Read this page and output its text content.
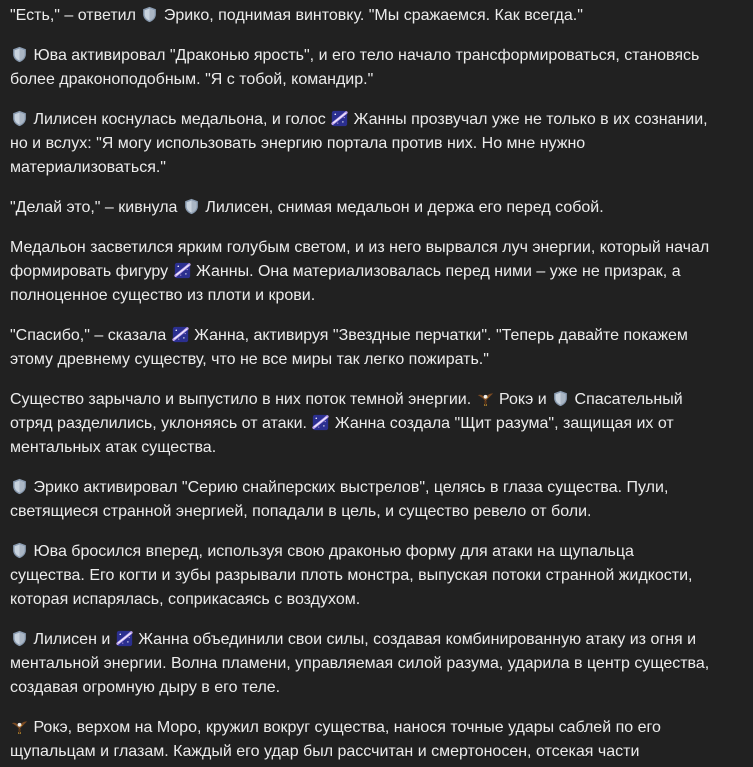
"Есть," – ответил
Эрико, поднимая винтовку. "Мы сражаемся. Как всегда."

Юва активировал "Драконью ярость", и его тело начало трансформироваться, становясь более драконоподобным. "Я с тобой, командир."

Лилисен коснулась медальона, и голос
Жанны прозвучал уже не только в их сознании, но и вслух: "Я могу использовать энергию портала против них. Но мне нужно материализоваться."

"Делай это," – кивнула
Лилисен, снимая медальон и держа его перед собой.

Медальон засветился ярким голубым светом, и из него вырвался луч энергии, который начал формировать фигуру
Жанны. Она материализовалась перед ними – уже не призрак, а полноценное существо из плоти и крови.

"Спасибо," – сказала
Жанна, активируя "Звездные перчатки". "Теперь давайте покажем этому древнему существу, что не все миры так легко пожирать."

Существо зарычало и выпустило в них поток темной энергии.
Рокэ и
Спасательный отряд разделились, уклоняясь от атаки.
Жанна создала "Щит разума", защищая их от ментальных атак существа.

Эрико активировал "Серию снайперских выстрелов", целясь в глаза существа. Пули, светящиеся странной энергией, попадали в цель, и существо ревело от боли.

Юва бросился вперед, используя свою драконью форму для атаки на щупальца существа. Его когти и зубы разрывали плоть монстра, выпуская потоки странной жидкости, которая испарялась, соприкасаясь с воздухом.

Лилисен и
Жанна объединили свои силы, создавая комбинированную атаку из огня и ментальной энергии. Волна пламени, управляемая силой разума, ударила в центр существа, создавая огромную дыру в его теле.

Рокэ, верхом на Моро, кружил вокруг существа, нанося точные удары саблей по его щупальцам и глазам. Каждый его удар был рассчитан и смертоносен, отсекая части
